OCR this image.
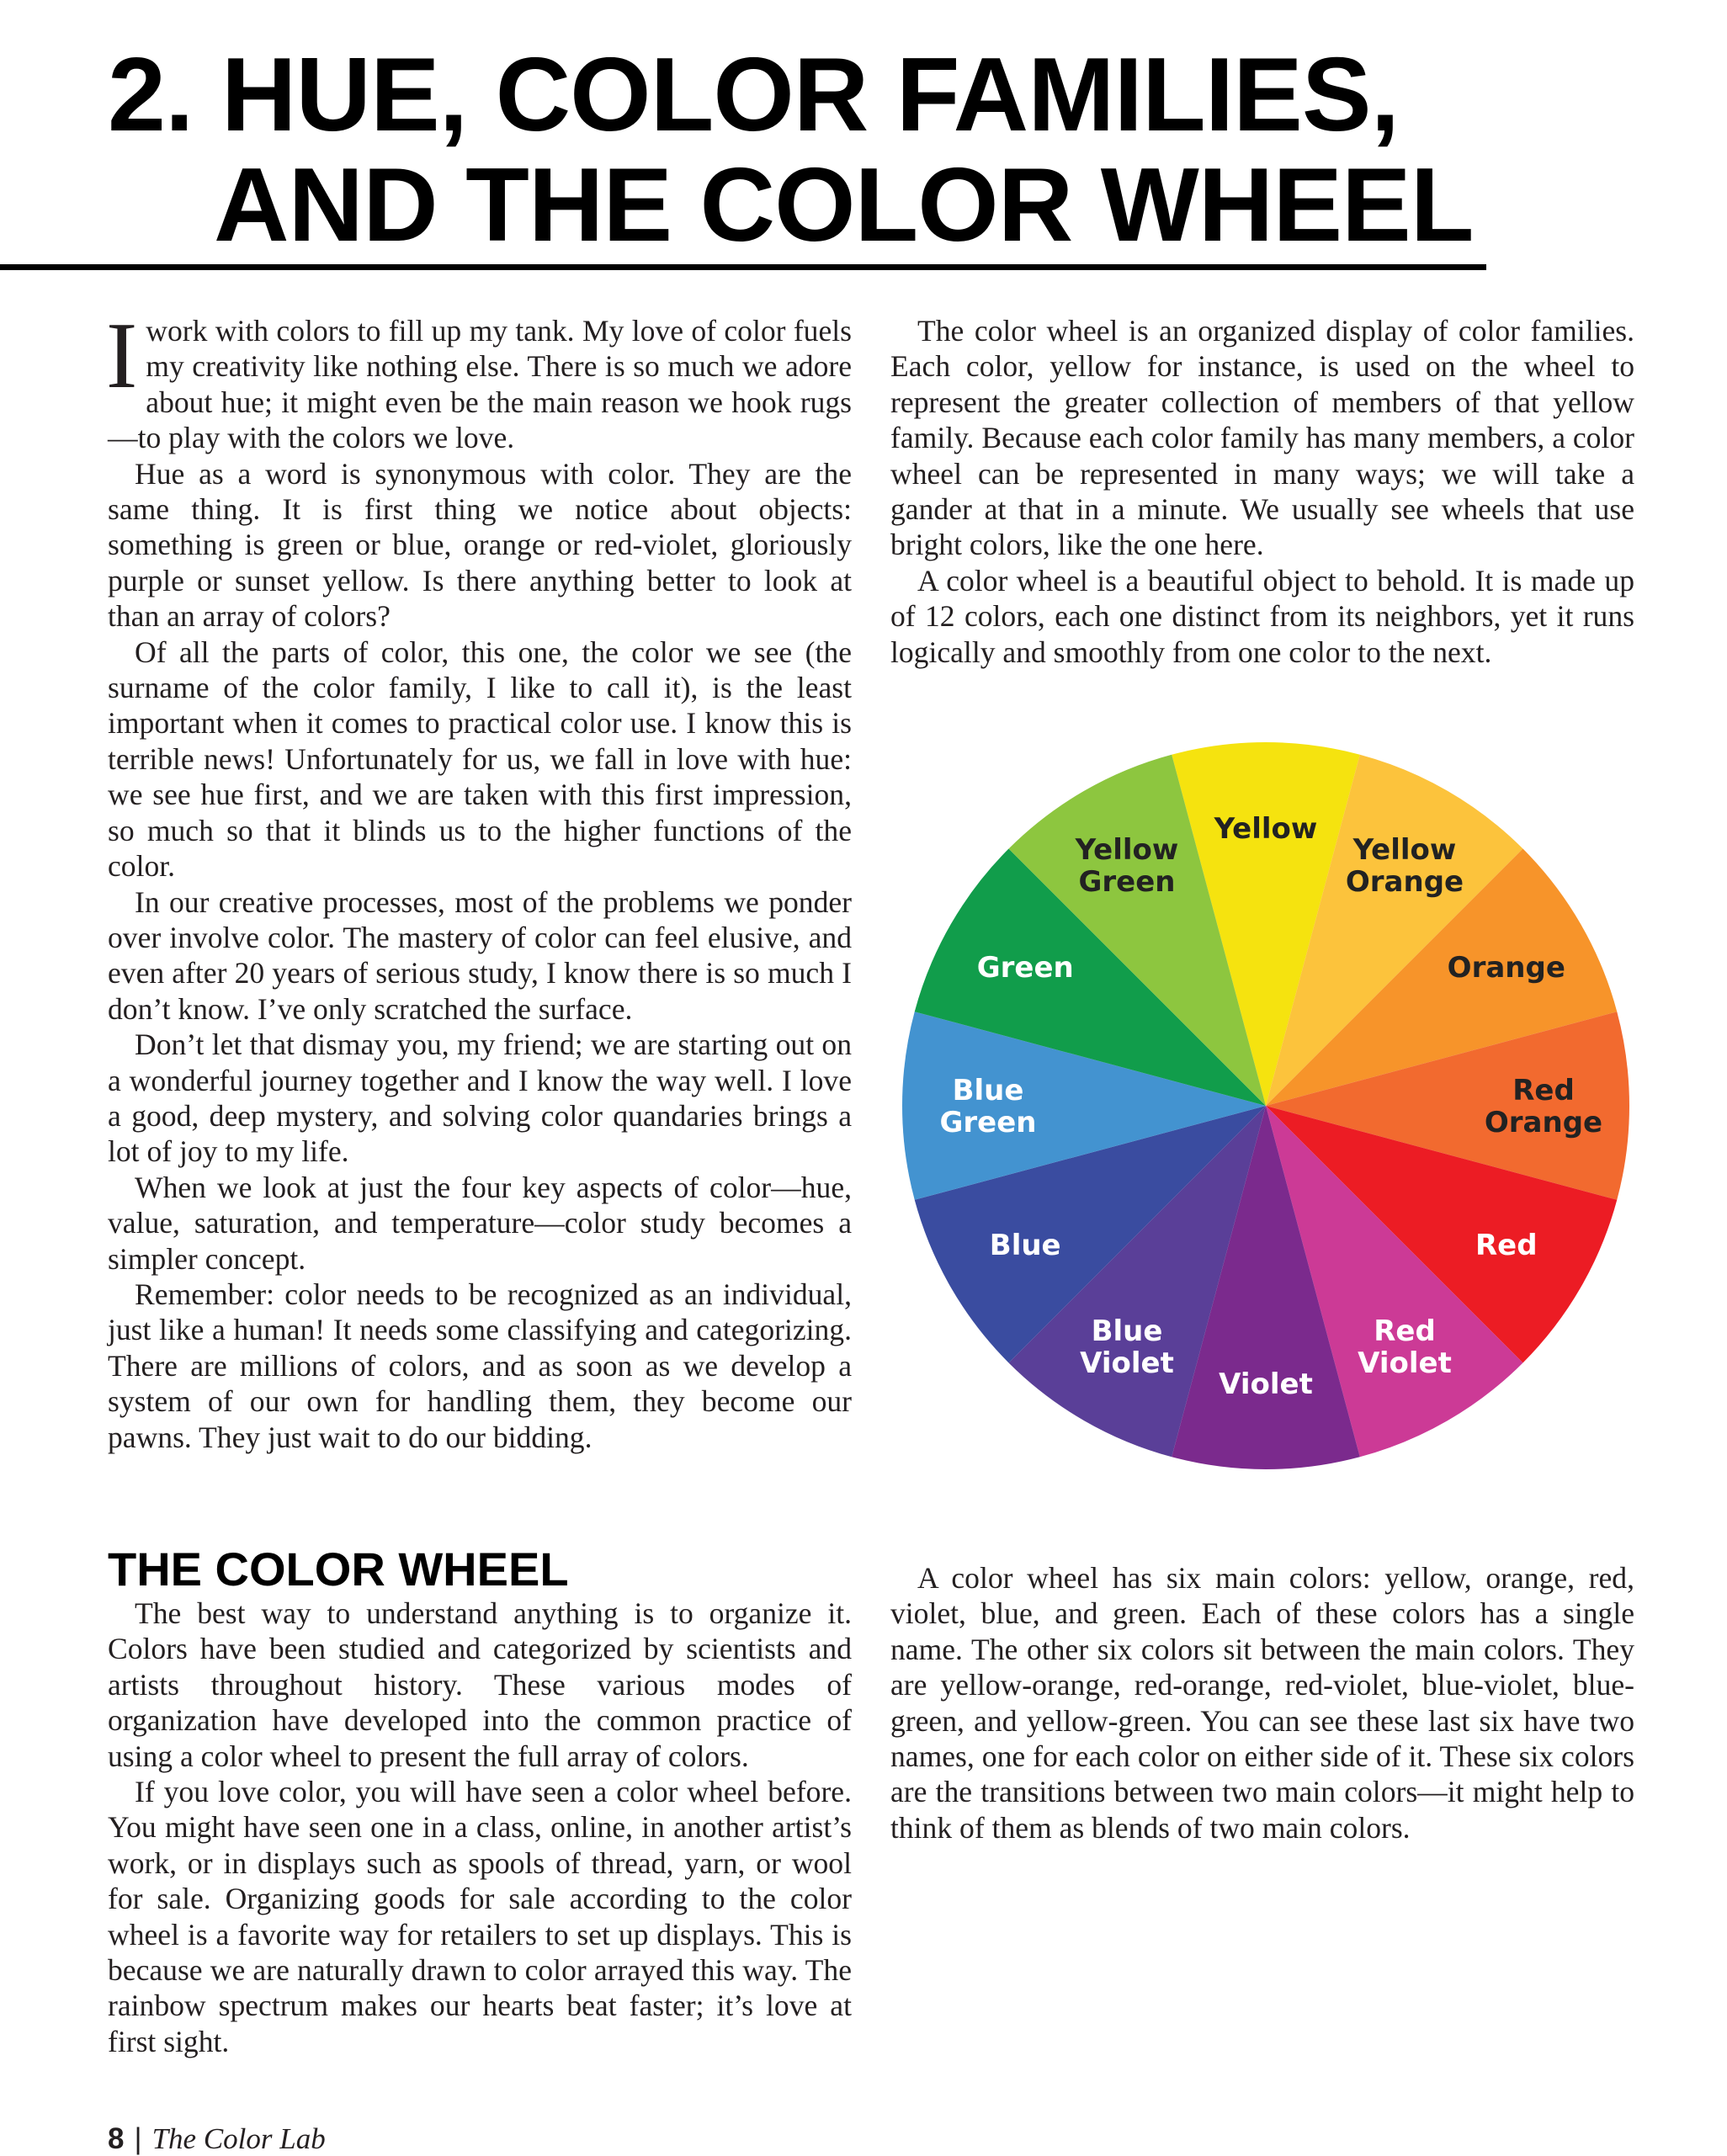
2. HUE, COLOR FAMILIES,
AND THE COLOR WHEEL

Iwork with colors to fill up my tank. My love of color fuels my creativity like nothing else. There is so much we adore about hue; it might even be the main reason we hook rugs—to play with the colors we love.

Hue as a word is synonymous with color. They are the same thing. It is first thing we notice about objects: something is green or blue, orange or red-violet, gloriously purple or sunset yellow. Is there anything better to look at than an array of colors?

Of all the parts of color, this one, the color we see (the surname of the color family, I like to call it), is the least important when it comes to practical color use. I know this is terrible news! Unfortunately for us, we fall in love with hue: we see hue first, and we are taken with this first impression, so much so that it blinds us to the higher functions of the color.

In our creative processes, most of the problems we ponder over involve color. The mastery of color can feel elusive, and even after 20 years of serious study, I know there is so much I don’t know. I’ve only scratched the surface.

Don’t let that dismay you, my friend; we are starting out on a wonderful journey together and I know the way well. I love a good, deep mystery, and solving color quandaries brings a lot of joy to my life.

When we look at just the four key aspects of color—hue, value, saturation, and temperature—color study becomes a simpler concept.

Remember: color needs to be recognized as an individual, just like a human! It needs some classifying and categorizing. There are millions of colors, and as soon as we develop a system of our own for handling them, they become our pawns. They just wait to do our bidding.

The color wheel is an organized display of color families. Each color, yellow for instance, is used on the wheel to represent the greater collection of members of that yellow family. Because each color family has many members, a color wheel can be represented in many ways; we will take a gander at that in a minute. We usually see wheels that use bright colors, like the one here.

A color wheel is a beautiful object to behold. It is made up of 12 colors, each one distinct from its neighbors, yet it runs logically and smoothly from one color to the next.

Yellow
Yellow Orange
Orange
Red Orange
Red
Red Violet
Violet
Blue Violet
Blue
Blue Green
Green
Yellow Green
THE COLOR WHEEL

The best way to understand anything is to organize it. Colors have been studied and categorized by scientists and artists throughout history. These various modes of organization have developed into the common practice of using a color wheel to present the full array of colors.

If you love color, you will have seen a color wheel before. You might have seen one in a class, online, in another artist’s work, or in displays such as spools of thread, yarn, or wool for sale. Organizing goods for sale according to the color wheel is a favorite way for retailers to set up displays. This is because we are naturally drawn to color arrayed this way. The rainbow spectrum makes our hearts beat faster; it’s love at first sight.

A color wheel has six main colors: yellow, orange, red, violet, blue, and green. Each of these colors has a single name. The other six colors sit between the main colors. They are yellow-orange, red-orange, red-violet, blue-violet, blue-green, and yellow-green. You can see these last six have two names, one for each color on either side of it. These six colors are the transitions between two main colors—it might help to think of them as blends of two main colors.

8 | The Color Lab
